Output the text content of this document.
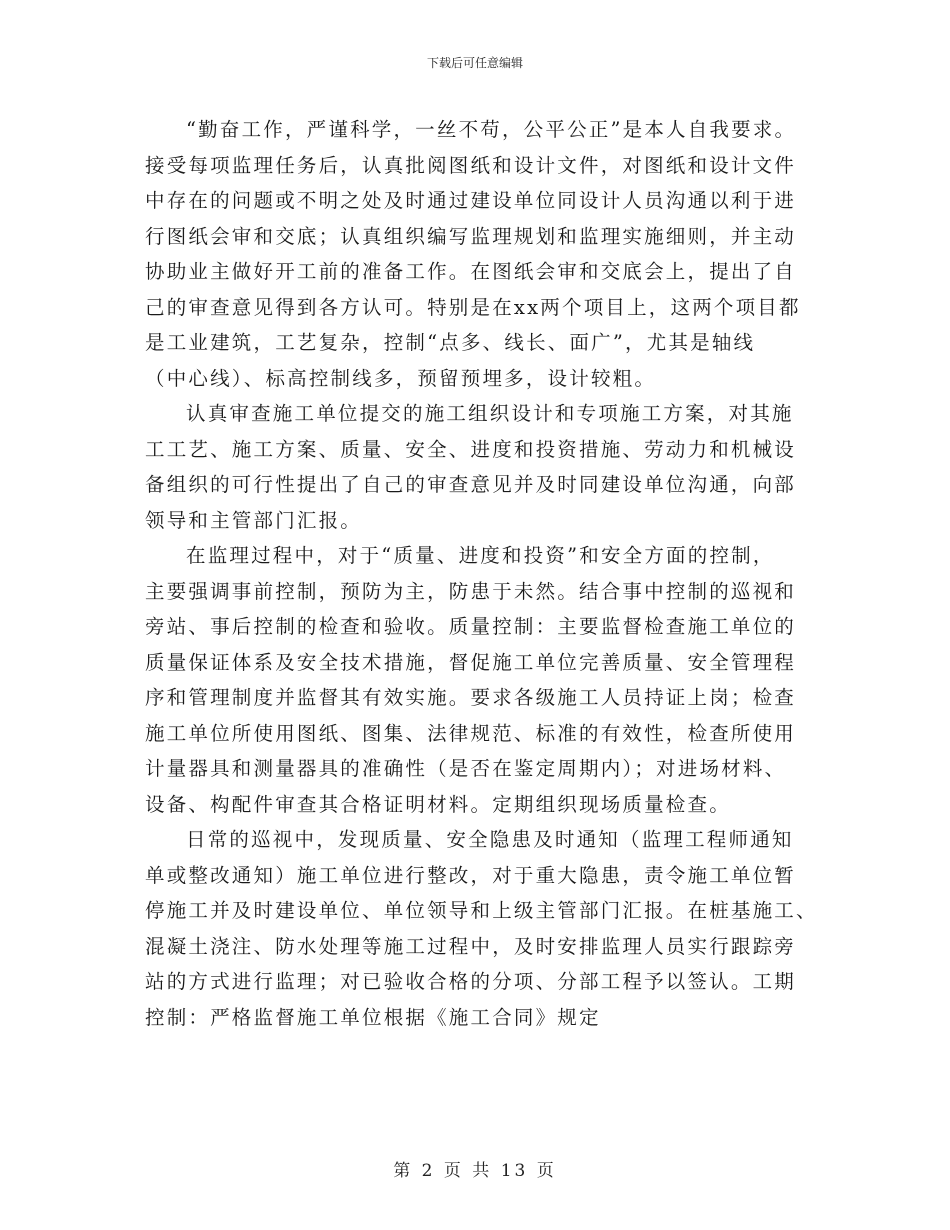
下载后可任意编辑

“勤奋工作，严谨科学，一丝不苟，公平公正”是本人自我要求。
接受每项监理任务后，认真批阅图纸和设计文件，对图纸和设计文件
中存在的问题或不明之处及时通过建设单位同设计人员沟通以利于进
行图纸会审和交底；认真组织编写监理规划和监理实施细则，并主动
协助业主做好开工前的准备工作。在图纸会审和交底会上，提出了自
己的审查意见得到各方认可。特别是在xx两个项目上，这两个项目都
是工业建筑，工艺复杂，控制“点多、线长、面广”，尤其是轴线
（中心线）、标高控制线多，预留预埋多，设计较粗。

认真审查施工单位提交的施工组织设计和专项施工方案，对其施
工工艺、施工方案、质量、安全、进度和投资措施、劳动力和机械设
备组织的可行性提出了自己的审查意见并及时同建设单位沟通，向部
领导和主管部门汇报。

在监理过程中，对于“质量、进度和投资”和安全方面的控制，
主要强调事前控制，预防为主，防患于未然。结合事中控制的巡视和
旁站、事后控制的检查和验收。质量控制：主要监督检查施工单位的
质量保证体系及安全技术措施，督促施工单位完善质量、安全管理程
序和管理制度并监督其有效实施。要求各级施工人员持证上岗；检查
施工单位所使用图纸、图集、法律规范、标准的有效性，检查所使用
计量器具和测量器具的准确性（是否在鉴定周期内）；对进场材料、
设备、构配件审查其合格证明材料。定期组织现场质量检查。

日常的巡视中，发现质量、安全隐患及时通知（监理工程师通知
单或整改通知）施工单位进行整改，对于重大隐患，责令施工单位暂
停施工并及时建设单位、单位领导和上级主管部门汇报。在桩基施工、
混凝土浇注、防水处理等施工过程中，及时安排监理人员实行跟踪旁
站的方式进行监理；对已验收合格的分项、分部工程予以签认。工期
控制：严格监督施工单位根据《施工合同》规定

第 2 页 共 13 页
